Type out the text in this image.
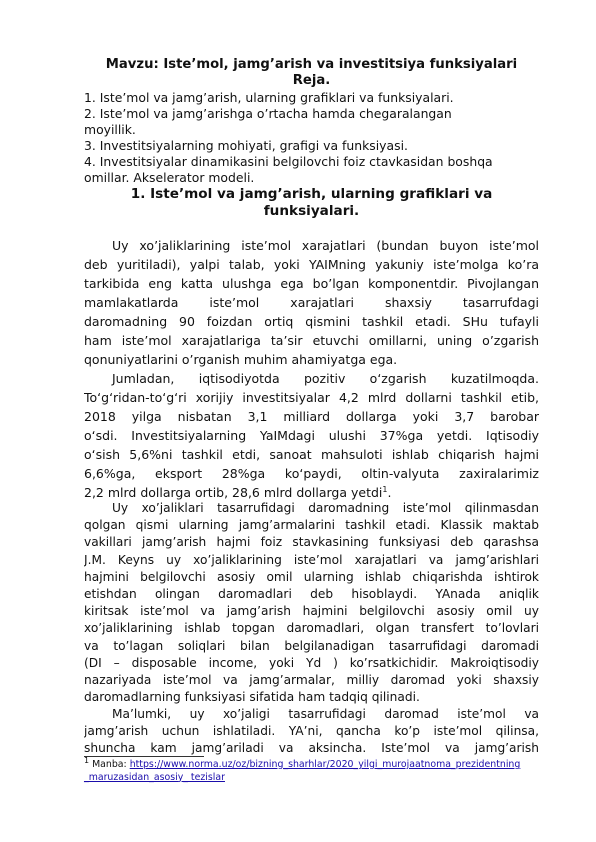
Mavzu: Iste’mol, jamg’arish va investitsiya funksiyalari
Reja.
1. Iste’mol va jamg’arish, ularning grafiklari va funksiyalari.
2. Iste’mol va jamg’arishga o’rtacha hamda chegaralangan
moyillik.
3. Investitsiyalarning mohiyati, grafigi va funksiyasi.
4. Investitsiyalar dinamikasini belgilovchi foiz ctavkasidan boshqa
omillar. Akselerator modeli.
1. Iste’mol va jamg’arish, ularning grafiklari va
funksiyalari.
Uy xo’jaliklarining iste’mol xarajatlari (bundan buyon iste’mol
deb yuritiladi), yalpi talab, yoki YAIMning yakuniy iste’molga ko’ra
tarkibida eng katta ulushga ega bo’lgan komponentdir. Pivojlangan
mamlakatlarda iste’mol xarajatlari shaxsiy tasarrufdagi
daromadning 90 foizdan ortiq qismini tashkil etadi. SHu tufayli
ham iste’mol xarajatlariga ta’sir etuvchi omillarni, uning o’zgarish
qonuniyatlarini o’rganish muhim ahamiyatga ega.
Jumladan, iqtisodiyotda pozitiv o‘zgarish kuzatilmoqda.
To‘g‘ridan-to‘g‘ri xorijiy investitsiyalar 4,2 mlrd dollarni tashkil etib,
2018 yilga nisbatan 3,1 milliard dollarga yoki 3,7 barobar
o‘sdi. Investitsiyalarning YaIMdagi ulushi 37%ga yetdi. Iqtisodiy
o‘sish 5,6%ni tashkil etdi, sanoat mahsuloti ishlab chiqarish hajmi
6,6%ga, eksport 28%ga ko‘paydi, oltin-valyuta zaxiralarimiz
2,2 mlrd dollarga ortib, 28,6 mlrd dollarga yetdi$^1$.
Uy xo’jaliklari tasarrufidagi daromadning iste’mol qilinmasdan
qolgan qismi ularning jamg’armalarini tashkil etadi. Klassik maktab
vakillari jamg’arish hajmi foiz stavkasining funksiyasi deb qarashsa
J.M. Keyns uy xo’jaliklarining iste’mol xarajatlari va jamg’arishlari
hajmini belgilovchi asosiy omil ularning ishlab chiqarishda ishtirok
etishdan olingan daromadlari deb hisoblaydi. YAnada aniqlik
kiritsak iste’mol va jamg’arish hajmini belgilovchi asosiy omil uy
xo’jaliklarining ishlab topgan daromadlari, olgan transfert to’lovlari
va to’lagan soliqlari bilan belgilanadigan tasarrufidagi daromadi
(DI – disposable income, yoki Yd ) ko’rsatkichidir. Makroiqtisodiy
nazariyada iste’mol va jamg’armalar, milliy daromad yoki shaxsiy
daromadlarning funksiyasi sifatida ham tadqiq qilinadi.
Ma’lumki, uy xo’jaligi tasarrufidagi daromad iste’mol va
jamg’arish uchun ishlatiladi. YA’ni, qancha ko’p iste’mol qilinsa,
shuncha kam jamg’ariladi va aksincha. Iste’mol va jamg’arish
$^1$ Manba: https://www.norma.uz/oz/bizning_sharhlar/2020_yilgi_murojaatnoma_prezidentning
_maruzasidan_asosiy_ tezislar
